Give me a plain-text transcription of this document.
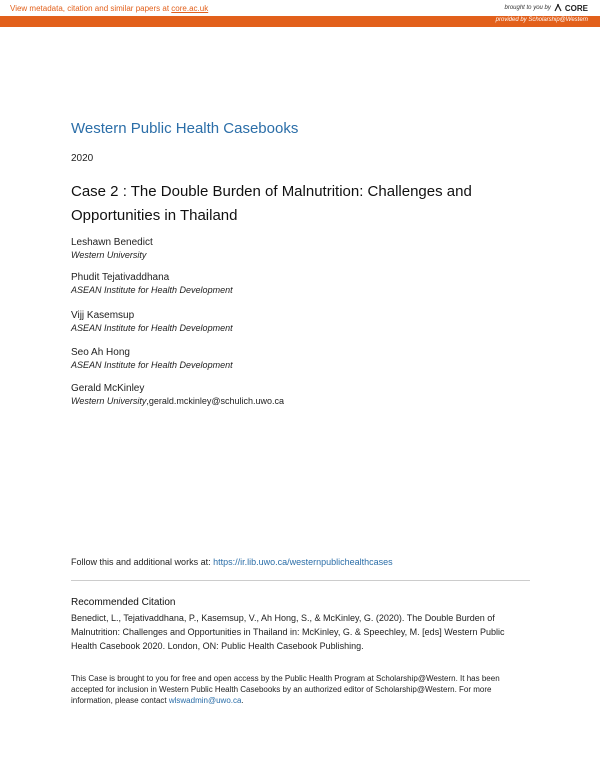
View metadata, citation and similar papers at core.ac.uk	brought to you by CORE
provided by Scholarship@Western
Western Public Health Casebooks
2020
Case 2 : The Double Burden of Malnutrition: Challenges and Opportunities in Thailand
Leshawn Benedict
Western University
Phudit Tejativaddhana
ASEAN Institute for Health Development
Vijj Kasemsup
ASEAN Institute for Health Development
Seo Ah Hong
ASEAN Institute for Health Development
Gerald McKinley
Western University,gerald.mckinley@schulich.uwo.ca
Follow this and additional works at: https://ir.lib.uwo.ca/westernpublichealthcases
Recommended Citation
Benedict, L., Tejativaddhana, P., Kasemsup, V., Ah Hong, S., & McKinley, G. (2020). The Double Burden of Malnutrition: Challenges and Opportunities in Thailand in: McKinley, G. & Speechley, M. [eds] Western Public Health Casebook 2020. London, ON: Public Health Casebook Publishing.
This Case is brought to you for free and open access by the Public Health Program at Scholarship@Western. It has been accepted for inclusion in Western Public Health Casebooks by an authorized editor of Scholarship@Western. For more information, please contact wlswadmin@uwo.ca.
